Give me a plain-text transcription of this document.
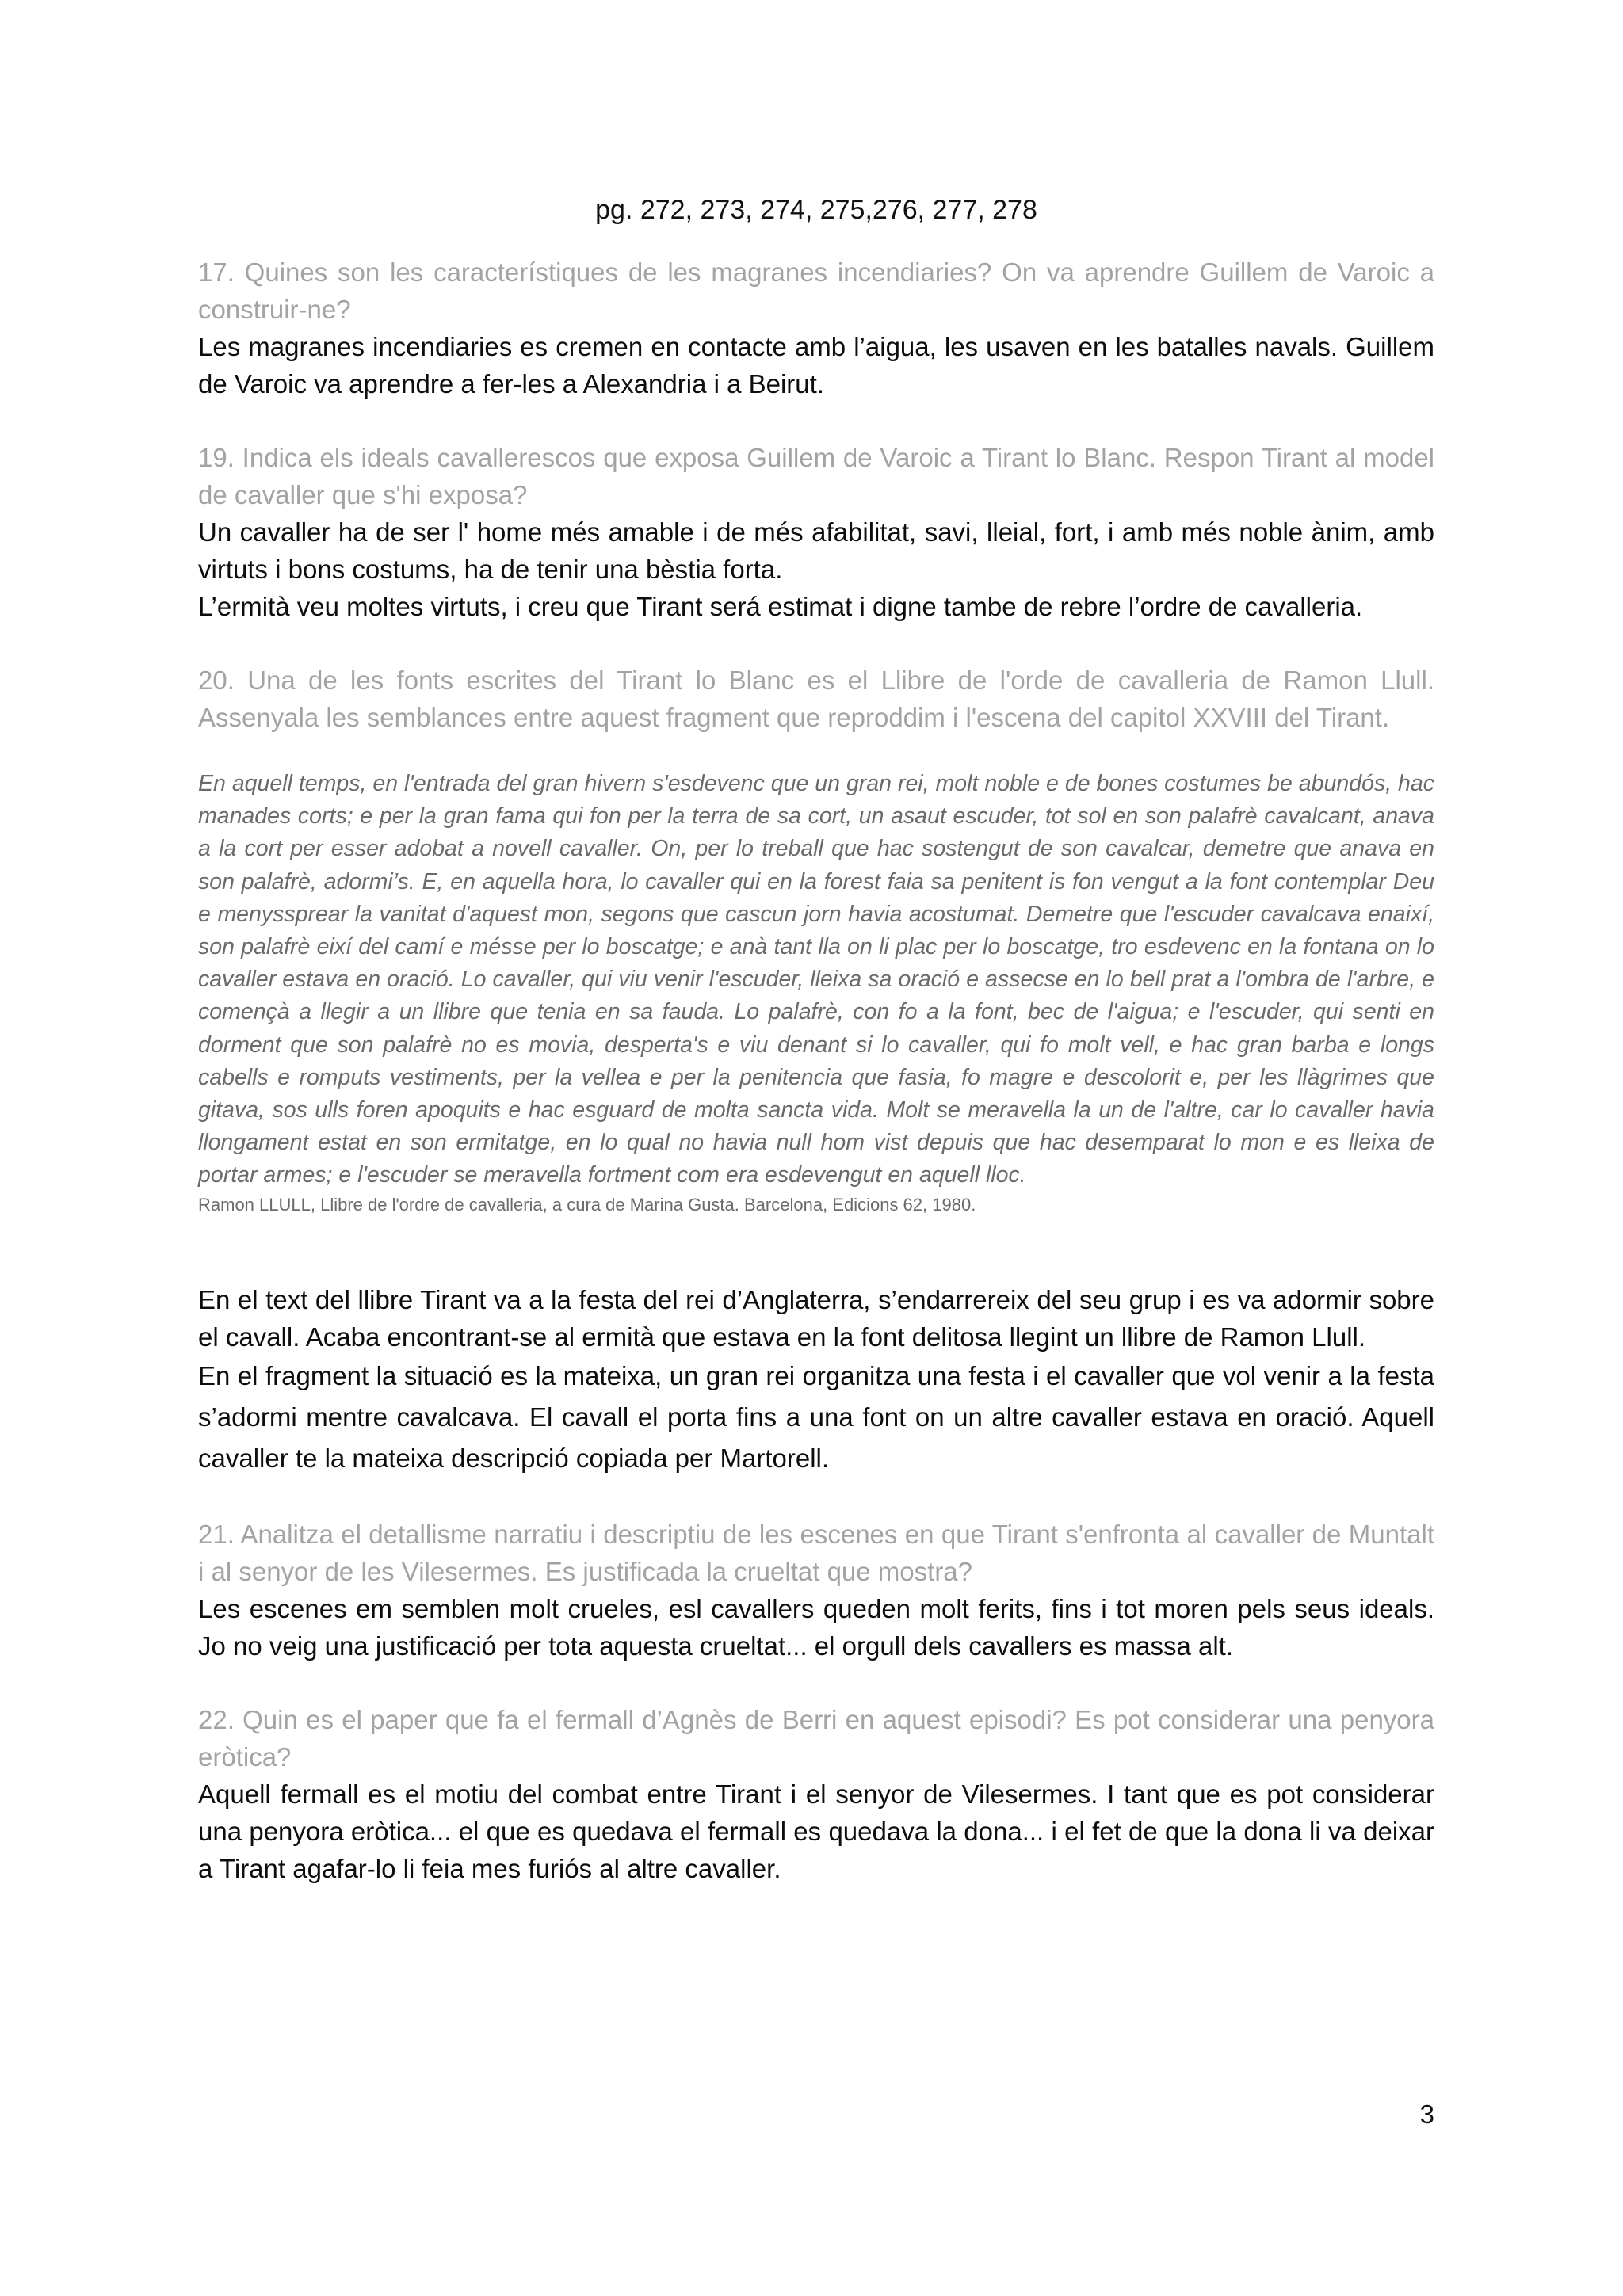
pg. 272, 273, 274, 275,276, 277, 278

17. Quines son les característiques de les magranes incendiaries? On va aprendre Guillem de Varoic a construir-ne?

Les magranes incendiaries es cremen en contacte amb l’aigua, les usaven en les batalles navals. Guillem de Varoic va aprendre a fer-les a Alexandria i a Beirut.

19. Indica els ideals cavallerescos que exposa Guillem de Varoic a Tirant lo Blanc. Respon Tirant al model de cavaller que s'hi exposa?

Un cavaller ha de ser l' home més amable i de més afabilitat, savi, lleial, fort, i amb més noble ànim, amb virtuts i bons costums, ha de tenir una bèstia forta.

L’ermità veu moltes virtuts, i creu que Tirant será estimat i digne tambe de rebre l’ordre de cavalleria.

20. Una de les fonts escrites del Tirant lo Blanc es el Llibre de l'orde de cavalleria de Ramon Llull. Assenyala les semblances entre aquest fragment que reproddim i l'escena del capitol XXVIII del Tirant.

En aquell temps, en l'entrada del gran hivern s'esdevenc que un gran rei, molt noble e de bones costumes be abundós, hac manades corts; e per la gran fama qui fon per la terra de sa cort, un asaut escuder, tot sol en son palafrè cavalcant, anava a la cort per esser adobat a novell cavaller. On, per lo treball que hac sostengut de son cavalcar, demetre que anava en son palafrè, adormi’s. E, en aquella hora, lo cavaller qui en la forest faia sa penitent is fon vengut a la font contemplar Deu e menyssprear la vanitat d'aquest mon, segons que cascun jorn havia acostumat. Demetre que l'escuder cavalcava enaixí, son palafrè eixí del camí e mésse per lo boscatge; e anà tant lla on li plac per lo boscatge, tro esdevenc en la fontana on lo cavaller estava en oració. Lo cavaller, qui viu venir l'escuder, lleixa sa oració e assecse en lo bell prat a l'ombra de l'arbre, e començà a llegir a un llibre que tenia en sa fauda. Lo palafrè, con fo a la font, bec de l'aigua; e l'escuder, qui senti en dorment que son palafrè no es movia, desperta's e viu denant si lo cavaller, qui fo molt vell, e hac gran barba e longs cabells e romputs vestiments, per la vellea e per la penitencia que fasia, fo magre e descolorit e, per les llàgrimes que gitava, sos ulls foren apoquits e hac esguard de molta sancta vida. Molt se meravella la un de l'altre, car lo cavaller havia llongament estat en son ermitatge, en lo qual no havia null hom vist depuis que hac desemparat lo mon e es lleixa de portar armes; e l'escuder se meravella fortment com era esdevengut en aquell lloc.

Ramon LLULL, Llibre de l'ordre de cavalleria, a cura de Marina Gusta. Barcelona, Edicions 62, 1980.

En el text del llibre Tirant va a la festa del rei d’Anglaterra, s’endarrereix del seu grup i es va adormir sobre el cavall. Acaba encontrant-se al ermità que estava en la font delitosa llegint un llibre de Ramon Llull.

En el fragment la situació es la mateixa, un gran rei organitza una festa i el cavaller que vol venir a la festa s’adormi mentre cavalcava. El cavall el porta fins a una font on un altre cavaller estava en oració. Aquell cavaller te la mateixa descripció copiada per Martorell.

21. Analitza el detallisme narratiu i descriptiu de les escenes en que Tirant s'enfronta al cavaller de Muntalt i al senyor de les Vilesermes. Es justificada la crueltat que mostra?

Les escenes em semblen molt crueles, esl cavallers queden molt ferits, fins i tot moren pels seus ideals. Jo no veig una justificació per tota aquesta crueltat... el orgull dels cavallers es massa alt.

22. Quin es el paper que fa el fermall d’Agnès de Berri en aquest episodi? Es pot considerar una penyora eròtica?

Aquell fermall es el motiu del combat entre Tirant i el senyor de Vilesermes. I tant que es pot considerar una penyora eròtica... el que es quedava el fermall es quedava la dona... i el fet de que la dona li va deixar a Tirant agafar-lo li feia mes furiós al altre cavaller.

3
